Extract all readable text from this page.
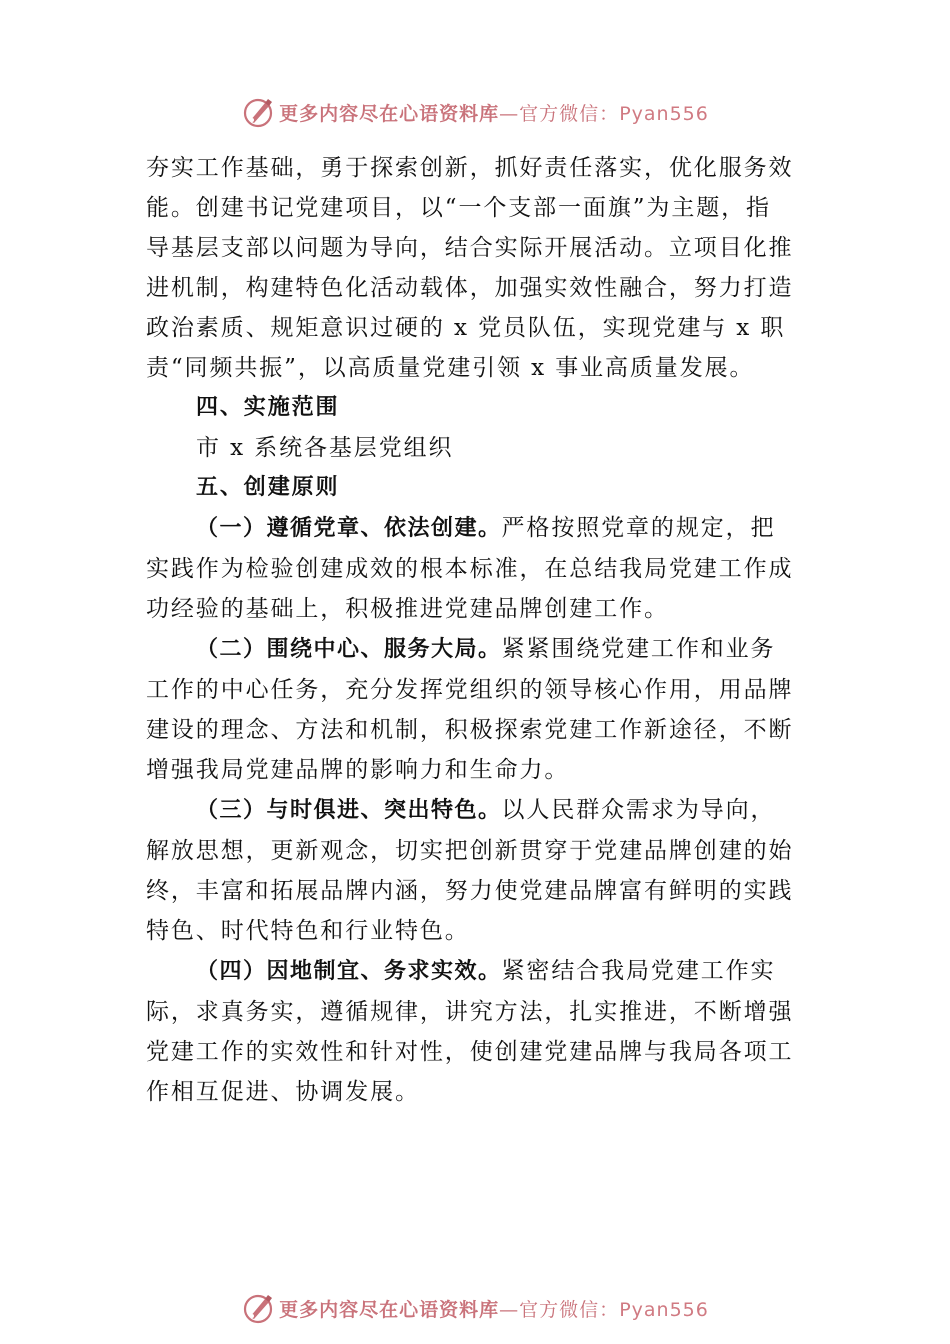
更多内容尽在心语资料库—官方微信：Pyan556

夯实工作基础，勇于探索创新，抓好责任落实，优化服务效

能。创建书记党建项目，以“一个支部一面旗”为主题，指

导基层支部以问题为导向，结合实际开展活动。立项目化推

进机制，构建特色化活动载体，加强实效性融合，努力打造

政治素质、规矩意识过硬的 x 党员队伍，实现党建与 x 职

责“同频共振”，以高质量党建引领 x 事业高质量发展。

四、实施范围

市 x 系统各基层党组织

五、创建原则

（一）遵循党章、依法创建。严格按照党章的规定，把

实践作为检验创建成效的根本标准，在总结我局党建工作成

功经验的基础上，积极推进党建品牌创建工作。

（二）围绕中心、服务大局。紧紧围绕党建工作和业务

工作的中心任务，充分发挥党组织的领导核心作用，用品牌

建设的理念、方法和机制，积极探索党建工作新途径，不断

增强我局党建品牌的影响力和生命力。

（三）与时俱进、突出特色。以人民群众需求为导向，

解放思想，更新观念，切实把创新贯穿于党建品牌创建的始

终，丰富和拓展品牌内涵，努力使党建品牌富有鲜明的实践

特色、时代特色和行业特色。

（四）因地制宜、务求实效。紧密结合我局党建工作实

际，求真务实，遵循规律，讲究方法，扎实推进，不断增强

党建工作的实效性和针对性，使创建党建品牌与我局各项工

作相互促进、协调发展。

更多内容尽在心语资料库—官方微信：Pyan556
